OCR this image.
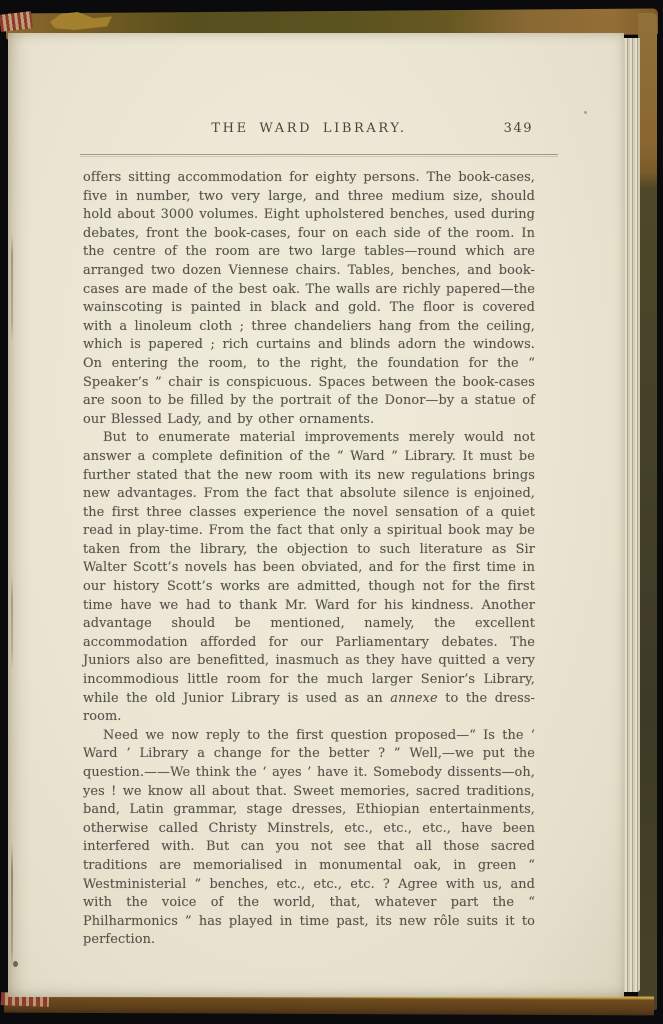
THE WARD LIBRARY.	349

offers sitting accommodation for eighty persons. The book-cases, five in number, two very large, and three medium size, should hold about 3000 volumes. Eight upholstered benches, used during debates, front the book-cases, four on each side of the room. In the centre of the room are two large tables—round which are arranged two dozen Viennese chairs. Tables, benches, and book-cases are made of the best oak. The walls are richly papered—the wainscoting is painted in black and gold. The floor is covered with a linoleum cloth ; three chandeliers hang from the ceiling, which is papered ; rich curtains and blinds adorn the windows. On entering the room, to the right, the foundation for the “ Speaker’s ” chair is conspicuous. Spaces between the book-cases are soon to be filled by the portrait of the Donor—by a statue of our Blessed Lady, and by other ornaments.

But to enumerate material improvements merely would not answer a complete definition of the “ Ward ” Library. It must be further stated that the new room with its new regulations brings new advantages. From the fact that absolute silence is enjoined, the first three classes experience the novel sensation of a quiet read in play-time. From the fact that only a spiritual book may be taken from the library, the objection to such literature as Sir Walter Scott’s novels has been obviated, and for the first time in our history Scott’s works are admitted, though not for the first time have we had to thank Mr. Ward for his kindness. Another advantage should be mentioned, namely, the excellent accommodation afforded for our Parliamentary debates. The Juniors also are benefitted, inasmuch as they have quitted a very incommodious little room for the much larger Senior’s Library, while the old Junior Library is used as an annexe to the dress-room.

Need we now reply to the first question proposed—“ Is the ‘ Ward ’ Library a change for the better ? ” Well,—we put the question.——We think the ‘ ayes ’ have it. Somebody dissents—oh, yes ! we know all about that. Sweet memories, sacred traditions, band, Latin grammar, stage dresses, Ethiopian entertainments, otherwise called Christy Minstrels, etc., etc., etc., have been interfered with. But can you not see that all those sacred traditions are memorialised in monumental oak, in green “ Westministerial ” benches, etc., etc., etc. ? Agree with us, and with the voice of the world, that, whatever part the “ Philharmonics ” has played in time past, its new rôle suits it to perfection.
